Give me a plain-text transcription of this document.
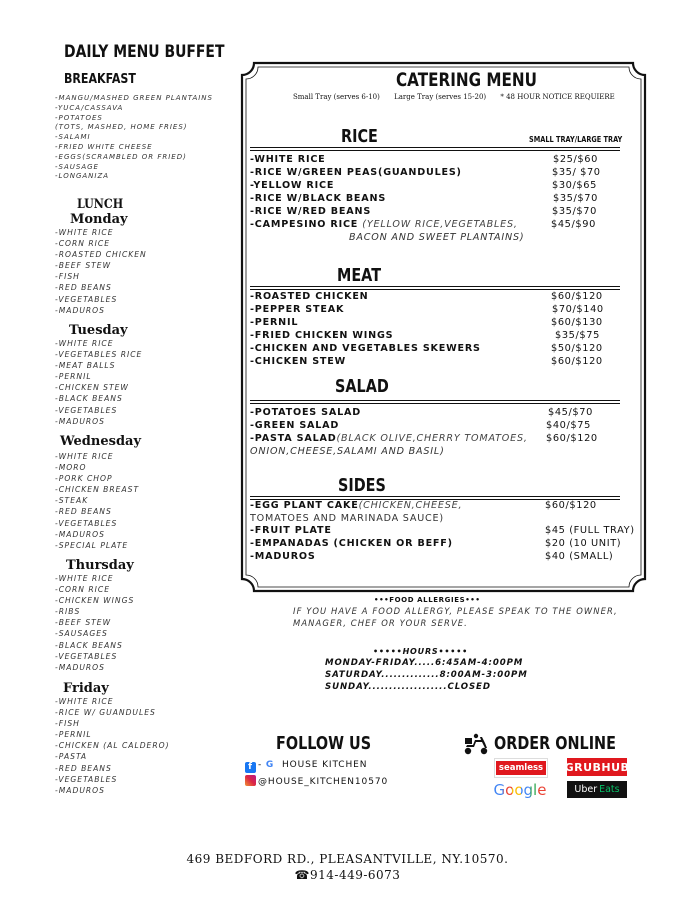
DAILY MENU BUFFET
BREAKFAST
-MANGU/MASHED GREEN PLANTAINS
-YUCA/CASSAVA
-POTATOES
(TOTS, MASHED, HOME FRIES)
-SALAMI
-FRIED WHITE CHEESE
-EGGS(SCRAMBLED OR FRIED)
-SAUSAGE
-LONGANIZA
LUNCH
Monday
-WHITE RICE
-CORN RICE
-ROASTED CHICKEN
-BEEF STEW
-FISH
-RED BEANS
-VEGETABLES
-MADUROS
Tuesday
-WHITE RICE
-VEGETABLES RICE
-MEAT BALLS
-PERNIL
-CHICKEN STEW
-BLACK BEANS
-VEGETABLES
-MADUROS
Wednesday
-WHITE RICE
-MORO
-PORK CHOP
-CHICKEN BREAST
-STEAK
-RED BEANS
-VEGETABLES
-MADUROS
-SPECIAL PLATE
Thursday
-WHITE RICE
-CORN RICE
-CHICKEN WINGS
-RIBS
-BEEF STEW
-SAUSAGES
-BLACK BEANS
-VEGETABLES
-MADUROS
Friday
-WHITE RICE
-RICE W/ GUANDULES
-FISH
-PERNIL
-CHICKEN (AL CALDERO)
-PASTA
-RED BEANS
-VEGETABLES
-MADUROS
CATERING MENU
Small Tray (serves 6-10) Large Tray (serves 15-20) * 48 HOUR NOTICE REQUIERE
RICE	SMALL TRAY/LARGE TRAY
-WHITE RICE	$25/$60
-RICE W/GREEN PEAS(GUANDULES)	$35/ $70
-YELLOW RICE	$30/$65
-RICE W/BLACK BEANS	$35/$70
-RICE W/RED BEANS	$35/$70
-CAMPESINO RICE (YELLOW RICE,VEGETABLES,	$45/$90
BACON AND SWEET PLANTAINS)
MEAT
-ROASTED CHICKEN	$60/$120
-PEPPER STEAK	$70/$140
-PERNIL	$60/$130
-FRIED CHICKEN WINGS	$35/$75
-CHICKEN AND VEGETABLES SKEWERS	$50/$120
-CHICKEN STEW	$60/$120
SALAD
-POTATOES SALAD	$45/$70
-GREEN SALAD	$40/$75
-PASTA SALAD(BLACK OLIVE,CHERRY TOMATOES, $60/$120
ONION,CHEESE,SALAMI AND BASIL)
SIDES
-EGG PLANT CAKE(CHICKEN,CHEESE,	$60/$120
TOMATOES AND MARINADA SAUCE)
-FRUIT PLATE	$45 (FULL TRAY)
-EMPANADAS (CHICKEN OR BEFF)	$20 (10 UNIT)
-MADUROS	$40 (SMALL)
•••FOOD ALLERGIES•••
IF YOU HAVE A FOOD ALLERGY, PLEASE SPEAK TO THE OWNER,
MANAGER, CHEF OR YOUR SERVE.
•••••HOURS•••••
MONDAY-FRIDAY.....6:45AM-4:00PM
SATURDAY..............8:00AM-3:00PM
SUNDAY...................CLOSED
FOLLOW US
f - G HOUSE KITCHEN
@HOUSE_KITCHEN10570
ORDER ONLINE
seamless GRUBHUB
Google	Uber Eats
469 BEDFORD RD., PLEASANTVILLE, NY.10570.
☎914-449-6073
